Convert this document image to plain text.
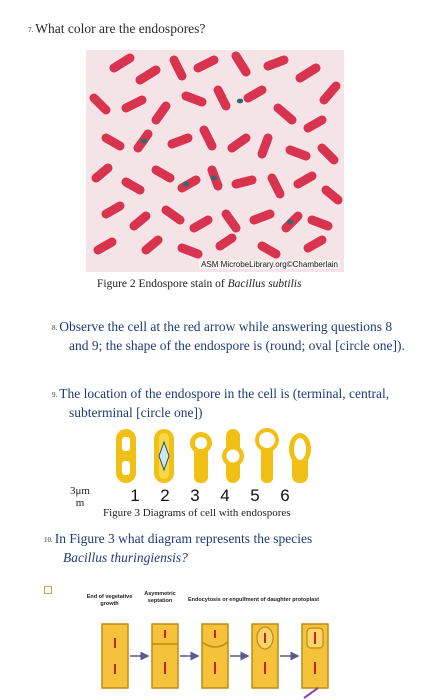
7. What color are the endospores?
ASM MicrobeLibrary.org©Chamberlain
Figure 2 Endospore stain of Bacillus subtilis
8. Observe the cell at the red arrow while answering questions 8 and 9; the shape of the endospore is (round; oval [circle one]).
9. The location of the endospore in the cell is (terminal, central, subterminal [circle one])
3μm
m	1 2 3 4 5 6
Figure 3 Diagrams of cell with endospores
10. In Figure 3 what diagram represents the species
Bacillus thuringiensis?
End of vegetative growth
Asymmetric septation	Endocytosis or engulfment of daughter protoplast
